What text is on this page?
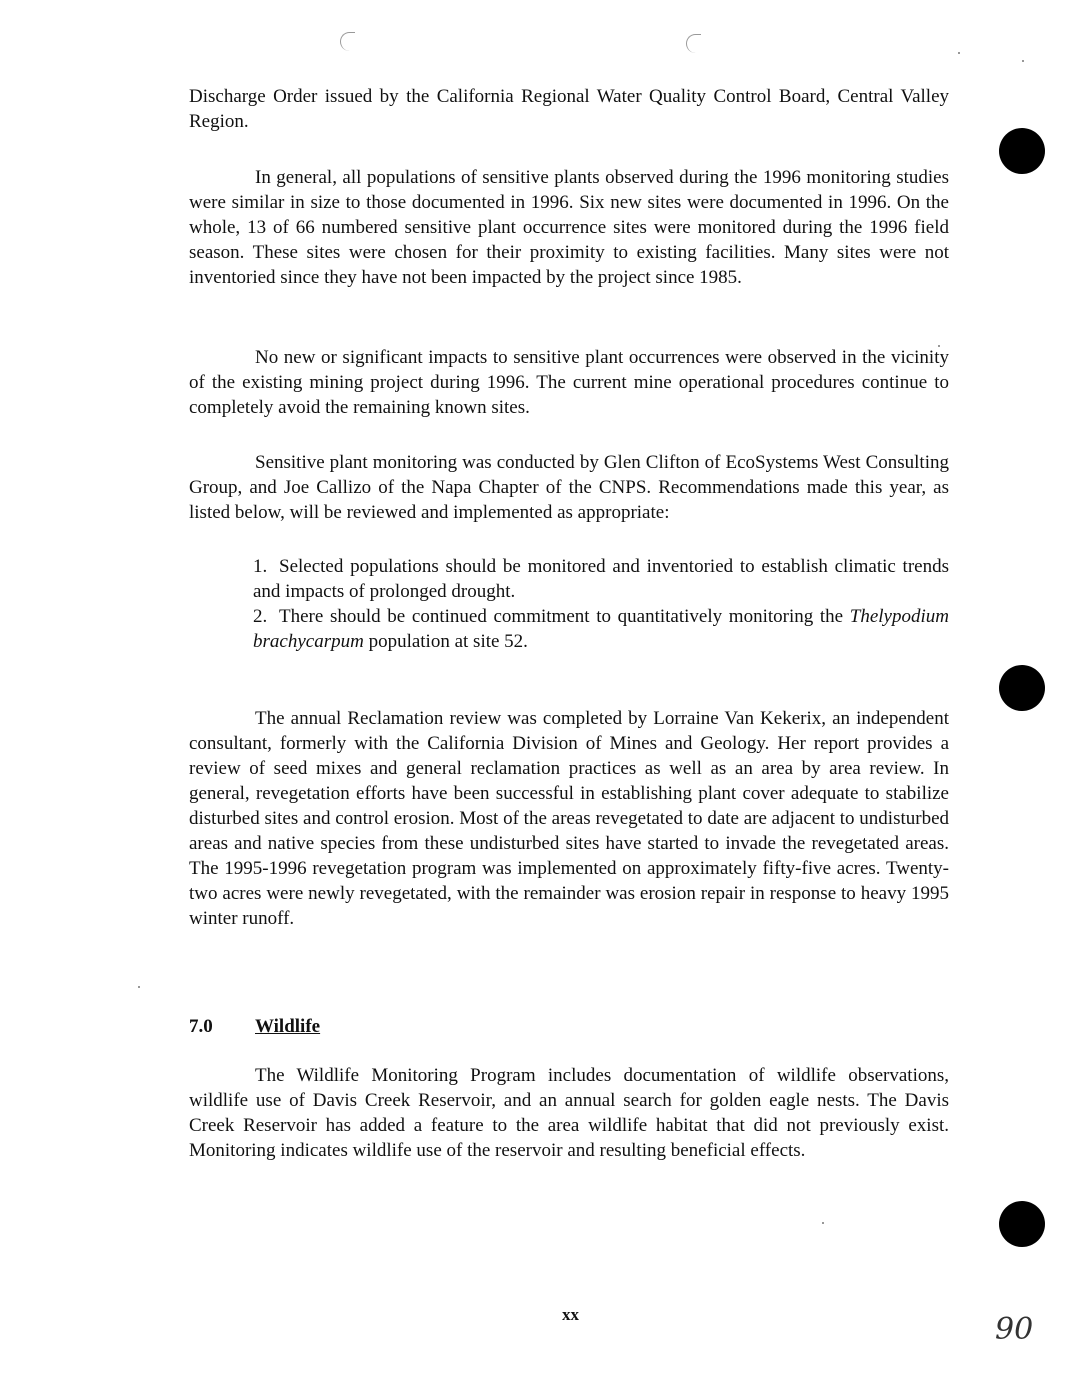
Discharge Order issued by the California Regional Water Quality Control Board, Central Valley Region.

In general, all populations of sensitive plants observed during the 1996 monitoring studies were similar in size to those documented in 1996. Six new sites were documented in 1996. On the whole, 13 of 66 numbered sensitive plant occurrence sites were monitored during the 1996 field season. These sites were chosen for their proximity to existing facilities. Many sites were not inventoried since they have not been impacted by the project since 1985.

No new or significant impacts to sensitive plant occurrences were observed in the vicinity of the existing mining project during 1996. The current mine operational procedures continue to completely avoid the remaining known sites.

Sensitive plant monitoring was conducted by Glen Clifton of EcoSystems West Consulting Group, and Joe Callizo of the Napa Chapter of the CNPS. Recommendations made this year, as listed below, will be reviewed and implemented as appropriate:

1. Selected populations should be monitored and inventoried to establish climatic trends and impacts of prolonged drought.

2. There should be continued commitment to quantitatively monitoring the Thelypodium brachycarpum population at site 52.

The annual Reclamation review was completed by Lorraine Van Kekerix, an independent consultant, formerly with the California Division of Mines and Geology. Her report provides a review of seed mixes and general reclamation practices as well as an area by area review. In general, revegetation efforts have been successful in establishing plant cover adequate to stabilize disturbed sites and control erosion. Most of the areas revegetated to date are adjacent to undisturbed areas and native species from these undisturbed sites have started to invade the revegetated areas. The 1995-1996 revegetation program was implemented on approximately fifty-five acres. Twenty-two acres were newly revegetated, with the remainder was erosion repair in response to heavy 1995 winter runoff.

7.0 Wildlife

The Wildlife Monitoring Program includes documentation of wildlife observations, wildlife use of Davis Creek Reservoir, and an annual search for golden eagle nests. The Davis Creek Reservoir has added a feature to the area wildlife habitat that did not previously exist. Monitoring indicates wildlife use of the reservoir and resulting beneficial effects.

xx	90
